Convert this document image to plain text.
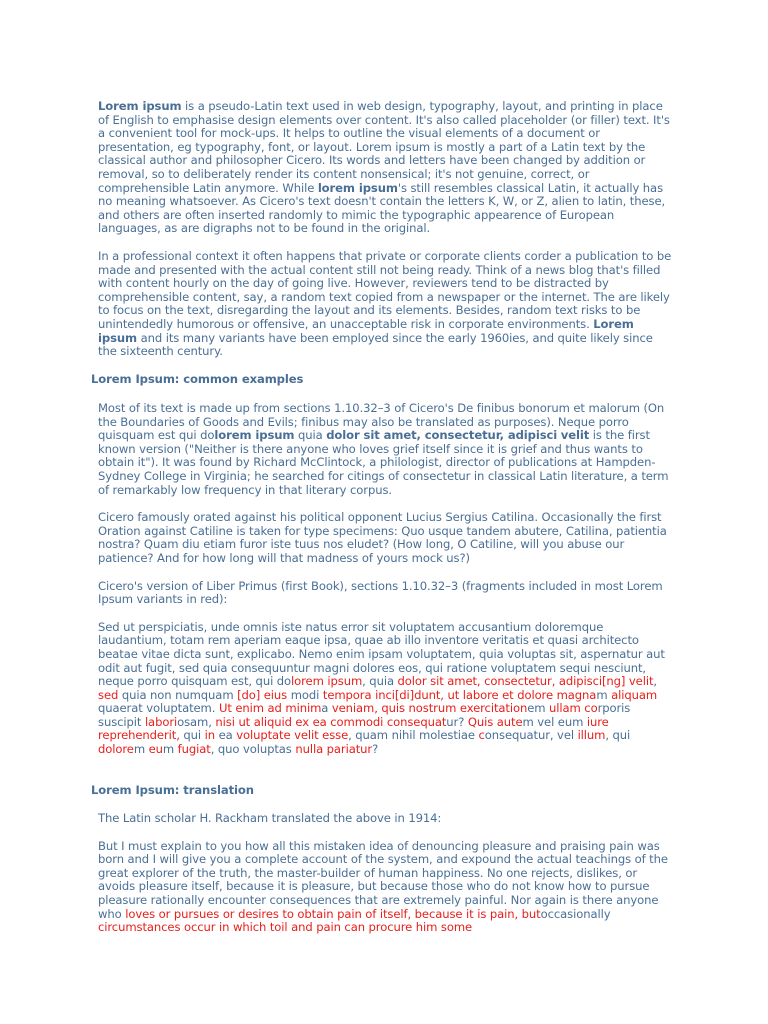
Lorem ipsum is a pseudo-Latin text used in web design, typography, layout, and printing in place of English to emphasise design elements over content. It's also called placeholder (or filler) text. It's a convenient tool for mock-ups. It helps to outline the visual elements of a document or presentation, eg typography, font, or layout. Lorem ipsum is mostly a part of a Latin text by the classical author and philosopher Cicero. Its words and letters have been changed by addition or removal, so to deliberately render its content nonsensical; it's not genuine, correct, or comprehensible Latin anymore. While lorem ipsum's still resembles classical Latin, it actually has no meaning whatsoever. As Cicero's text doesn't contain the letters K, W, or Z, alien to latin, these, and others are often inserted randomly to mimic the typographic appearence of European languages, as are digraphs not to be found in the original.

In a professional context it often happens that private or corporate clients corder a publication to be made and presented with the actual content still not being ready. Think of a news blog that's filled with content hourly on the day of going live. However, reviewers tend to be distracted by comprehensible content, say, a random text copied from a newspaper or the internet. The are likely to focus on the text, disregarding the layout and its elements. Besides, random text risks to be unintendedly humorous or offensive, an unacceptable risk in corporate environments. Lorem ipsum and its many variants have been employed since the early 1960ies, and quite likely since the sixteenth century.

Lorem Ipsum: common examples

Most of its text is made up from sections 1.10.32–3 of Cicero's De finibus bonorum et malorum (On the Boundaries of Goods and Evils; finibus may also be translated as purposes). Neque porro quisquam est qui dolorem ipsum quia dolor sit amet, consectetur, adipisci velit is the first known version ("Neither is there anyone who loves grief itself since it is grief and thus wants to obtain it"). It was found by Richard McClintock, a philologist, director of publications at Hampden-Sydney College in Virginia; he searched for citings of consectetur in classical Latin literature, a term of remarkably low frequency in that literary corpus.

Cicero famously orated against his political opponent Lucius Sergius Catilina. Occasionally the first Oration against Catiline is taken for type specimens: Quo usque tandem abutere, Catilina, patientia nostra? Quam diu etiam furor iste tuus nos eludet? (How long, O Catiline, will you abuse our patience? And for how long will that madness of yours mock us?)

Cicero's version of Liber Primus (first Book), sections 1.10.32–3 (fragments included in most Lorem Ipsum variants in red):

Sed ut perspiciatis, unde omnis iste natus error sit voluptatem accusantium doloremque laudantium, totam rem aperiam eaque ipsa, quae ab illo inventore veritatis et quasi architecto beatae vitae dicta sunt, explicabo. Nemo enim ipsam voluptatem, quia voluptas sit, aspernatur aut odit aut fugit, sed quia consequuntur magni dolores eos, qui ratione voluptatem sequi nesciunt, neque porro quisquam est, qui dolorem ipsum, quia dolor sit amet, consectetur, adipisci[ng] velit, sed quia non numquam [do] eius modi tempora inci[di]dunt, ut labore et dolore magnam aliquam quaerat voluptatem. Ut enim ad minima veniam, quis nostrum exercitationem ullam corporis suscipit laboriosam, nisi ut aliquid ex ea commodi consequatur? Quis autem vel eum iure reprehenderit, qui in ea voluptate velit esse, quam nihil molestiae consequatur, vel illum, qui dolorem eum fugiat, quo voluptas nulla pariatur?

Lorem Ipsum: translation

The Latin scholar H. Rackham translated the above in 1914:

But I must explain to you how all this mistaken idea of denouncing pleasure and praising pain was born and I will give you a complete account of the system, and expound the actual teachings of the great explorer of the truth, the master-builder of human happiness. No one rejects, dislikes, or avoids pleasure itself, because it is pleasure, but because those who do not know how to pursue pleasure rationally encounter consequences that are extremely painful. Nor again is there anyone who loves or pursues or desires to obtain pain of itself, because it is pain, butoccasionally circumstances occur in which toil and pain can procure him some
